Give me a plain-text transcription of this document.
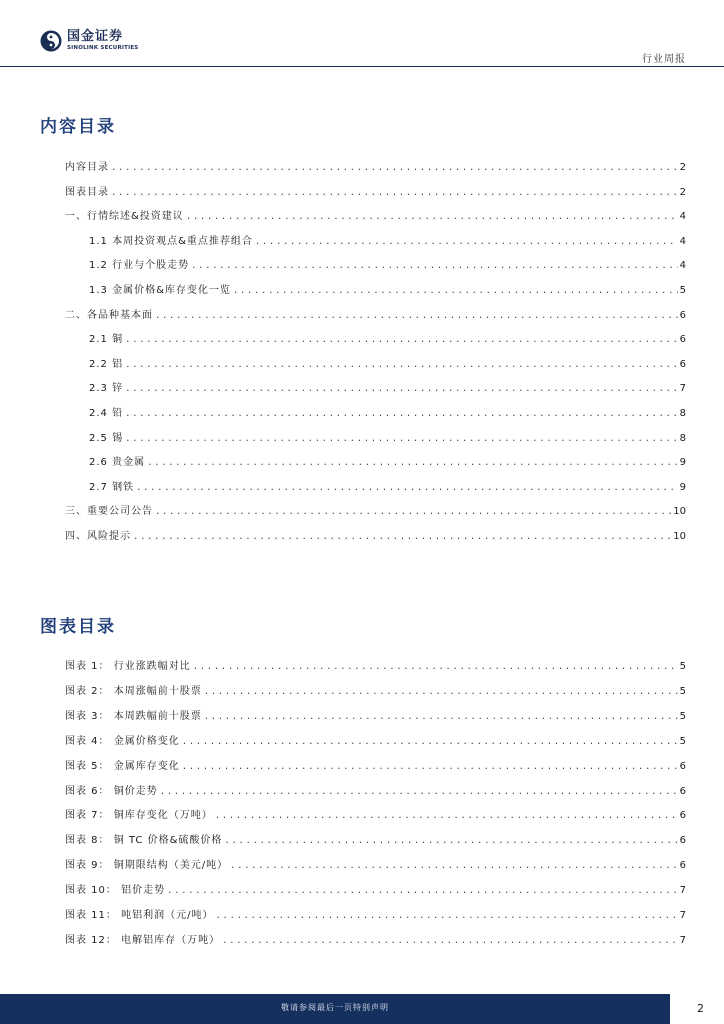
国金证券
SINOLINK SECURITIES
行业周报
内容目录
内容目录 .....	2
图表目录 .....	2
一、行情综述&投资建议 .....	4
1.1 本周投资观点&重点推荐组合 .....	4
1.2 行业与个股走势 .....	4
1.3 金属价格&库存变化一览 .....	5
二、各品种基本面 .....	6
2.1 铜 .....	6
2.2 铝 .....	6
2.3 锌 .....	7
2.4 铅 .....	8
2.5 锡 .....	8
2.6 贵金属 .....	9
2.7 钢铁 .....	9
三、重要公司公告 .....	10
四、风险提示 .....	10
图表目录
图表 1： 行业涨跌幅对比 .....	5
图表 2： 本周涨幅前十股票 .....	5
图表 3： 本周跌幅前十股票 .....	5
图表 4： 金属价格变化 .....	5
图表 5： 金属库存变化 .....	6
图表 6： 铜价走势 .....	6
图表 7： 铜库存变化（万吨） .....	6
图表 8： 铜 TC 价格&硫酸价格 .....	6
图表 9： 铜期限结构（美元/吨） .....	6
图表 10： 铝价走势 .....	7
图表 11： 吨铝利润（元/吨） .....	7
图表 12： 电解铝库存（万吨） .....	7
敬请参阅最后一页特别声明	2
